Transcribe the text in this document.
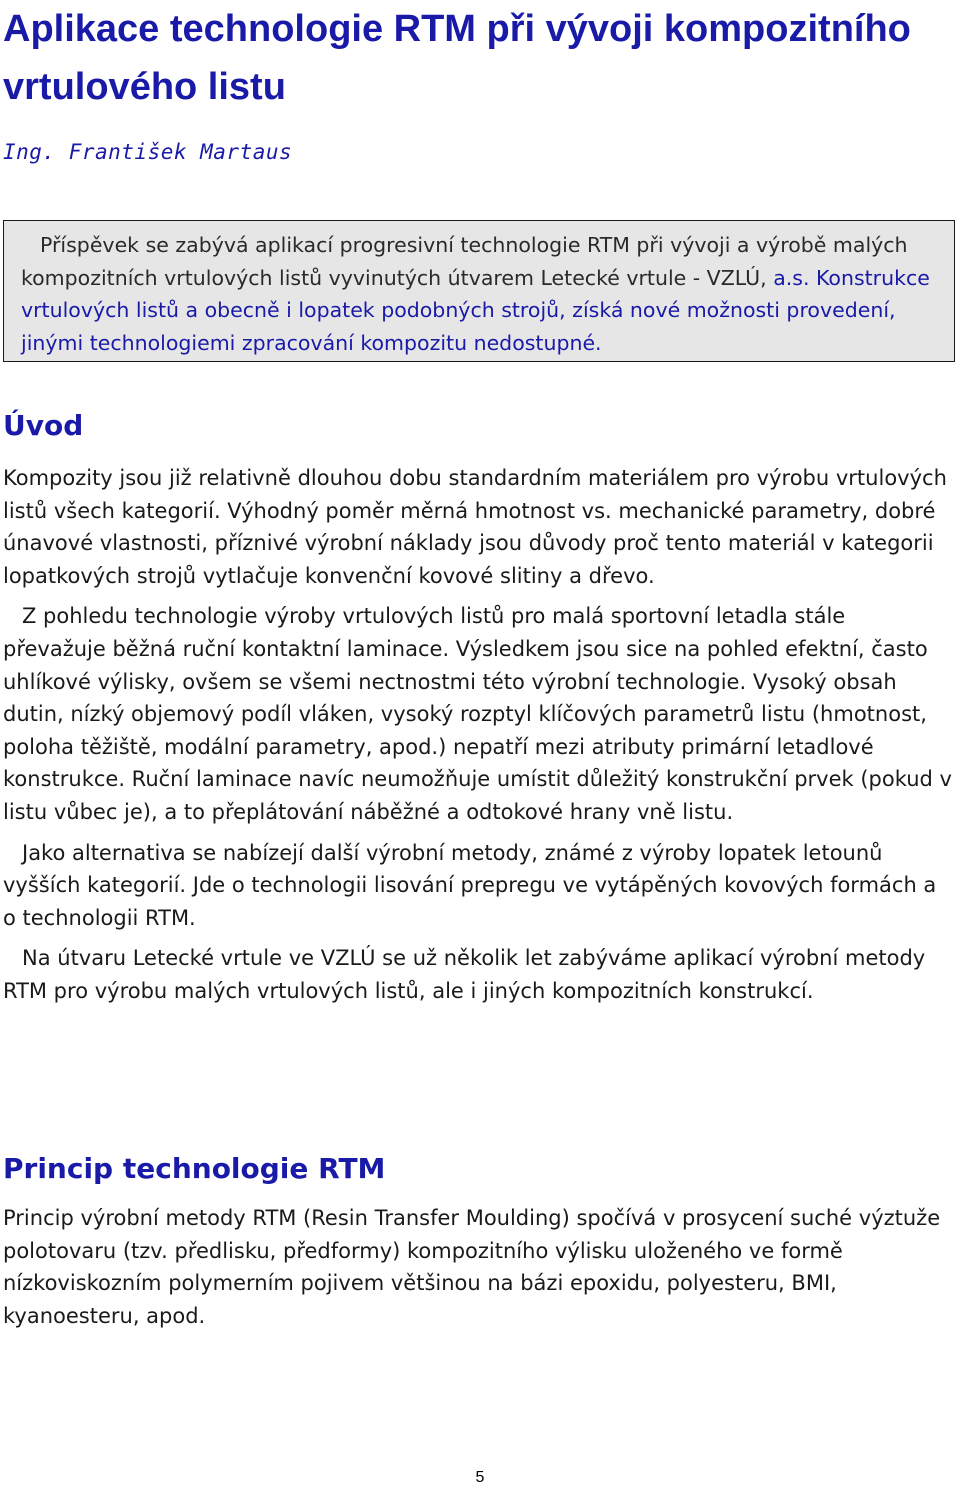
Aplikace technologie RTM při vývoji kompozitního vrtulového listu

Ing. František Martaus

Příspěvek se zabývá aplikací progresivní technologie RTM při vývoji a výrobě malých kompozitních vrtulových listů vyvinutých útvarem Letecké vrtule - VZLÚ, a.s. Konstrukce vrtulových listů a obecně i lopatek podobných strojů, získá nové možnosti provedení, jinými technologiemi zpracování kompozitu nedostupné.

Úvod

Kompozity jsou již relativně dlouhou dobu standardním materiálem pro výrobu vrtulových listů všech kategorií. Výhodný poměr měrná hmotnost vs. mechanické parametry, dobré únavové vlastnosti, příznivé výrobní náklady jsou důvody proč tento materiál v kategorii lopatkových strojů vytlačuje konvenční kovové slitiny a dřevo.

Z pohledu technologie výroby vrtulových listů pro malá sportovní letadla stále převažuje běžná ruční kontaktní laminace. Výsledkem jsou sice na pohled efektní, často uhlíkové výlisky, ovšem se všemi nectnostmi této výrobní technologie. Vysoký obsah dutin, nízký objemový podíl vláken, vysoký rozptyl klíčových parametrů listu (hmotnost, poloha těžiště, modální parametry, apod.) nepatří mezi atributy primární letadlové konstrukce. Ruční laminace navíc neumožňuje umístit důležitý konstrukční prvek (pokud v listu vůbec je), a to přeplátování náběžné a odtokové hrany vně listu.

Jako alternativa se nabízejí další výrobní metody, známé z výroby lopatek letounů vyšších kategorií. Jde o technologii lisování prepregu ve vytápěných kovových formách a o technologii RTM.

Na útvaru Letecké vrtule ve VZLÚ se už několik let zabýváme aplikací výrobní metody RTM pro výrobu malých vrtulových listů, ale i jiných kompozitních konstrukcí.

Princip technologie RTM

Princip výrobní metody RTM (Resin Transfer Moulding) spočívá v prosycení suché výztuže polotovaru (tzv. předlisku, předformy) kompozitního výlisku uloženého ve formě nízkoviskozním polymerním pojivem většinou na bázi epoxidu, polyesteru, BMI, kyanoesteru, apod.

5
